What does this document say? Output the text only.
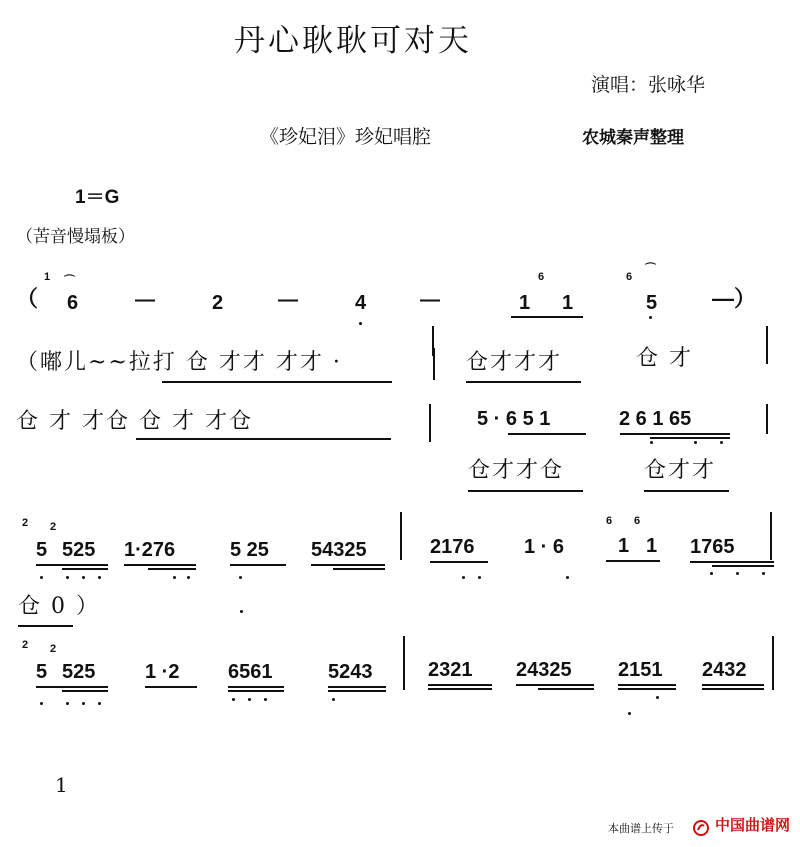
丹心耿耿可对天
演唱：张咏华
《珍妃泪》珍妃唱腔	农城秦声整理
1＝G
（苦音慢塌板）
（
1
6
⌒
—	2	—	4	—	1
6
1
6
⌒
5 —）
（嘟儿~~拉打 仓 才才 才才 ·	仓才才才	仓 才
仓 才 才仓 仓 才 才仓	5 · 6 5 1	2 6 1 65
仓才才仓	仓才才
2
5
2
525 1·276	5 25 54325	2176 1 · 6
6
1
6
1 1765
仓 0 ）
2
5
2
525 1 ·2 6561	5243	2321 24325 2151 2432
1
本曲谱上传于	中国曲谱网
